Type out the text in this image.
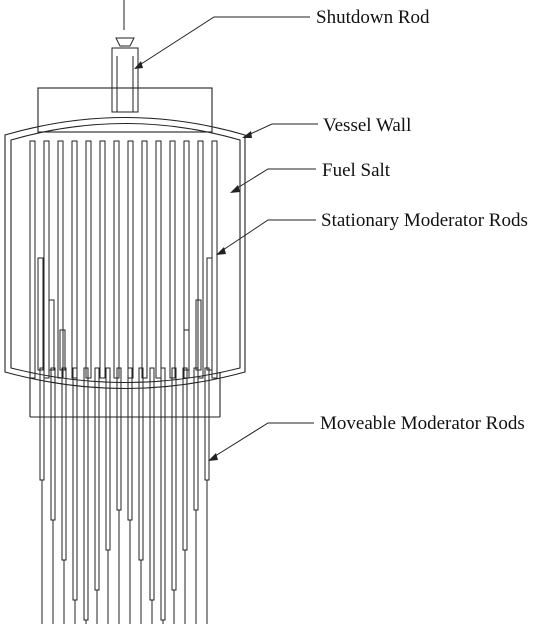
Shutdown Rod
Vessel Wall
Fuel Salt
Stationary Moderator Rods
Moveable Moderator Rods
